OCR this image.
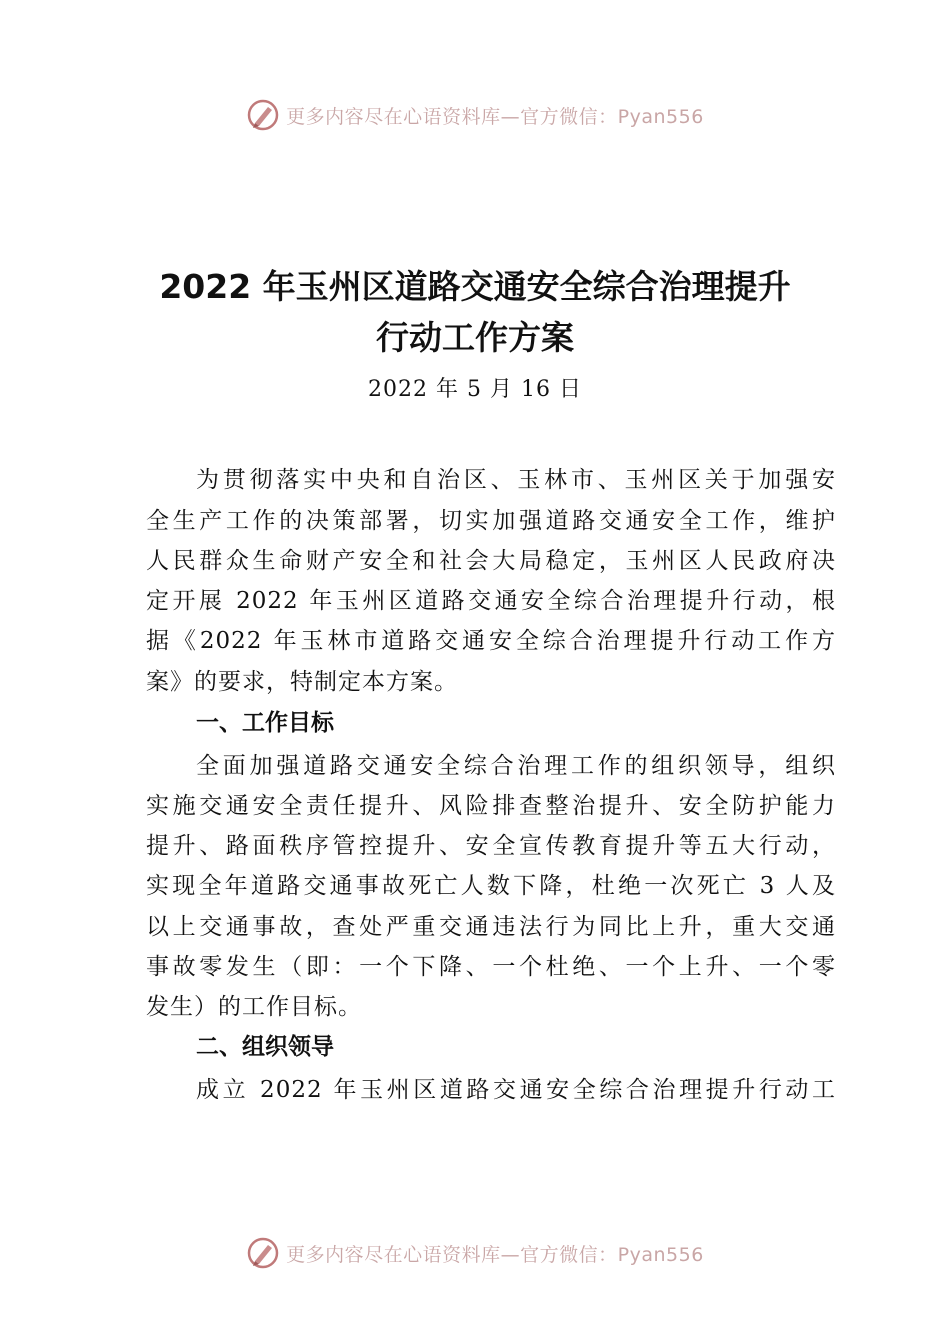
更多内容尽在心语资料库—官方微信：Pyan556
2022 年玉州区道路交通安全综合治理提升
行动工作方案
2022 年 5 月 16 日
为贯彻落实中央和自治区、玉林市、玉州区关于加强安
全生产工作的决策部署，切实加强道路交通安全工作，维护
人民群众生命财产安全和社会大局稳定，玉州区人民政府决
定开展 2022 年玉州区道路交通安全综合治理提升行动，根
据《2022 年玉林市道路交通安全综合治理提升行动工作方
案》的要求，特制定本方案。
一、工作目标
全面加强道路交通安全综合治理工作的组织领导，组织
实施交通安全责任提升、风险排查整治提升、安全防护能力
提升、路面秩序管控提升、安全宣传教育提升等五大行动，
实现全年道路交通事故死亡人数下降，杜绝一次死亡 3 人及
以上交通事故，查处严重交通违法行为同比上升，重大交通
事故零发生（即：一个下降、一个杜绝、一个上升、一个零
发生）的工作目标。
二、组织领导
成立 2022 年玉州区道路交通安全综合治理提升行动工
更多内容尽在心语资料库—官方微信：Pyan556
